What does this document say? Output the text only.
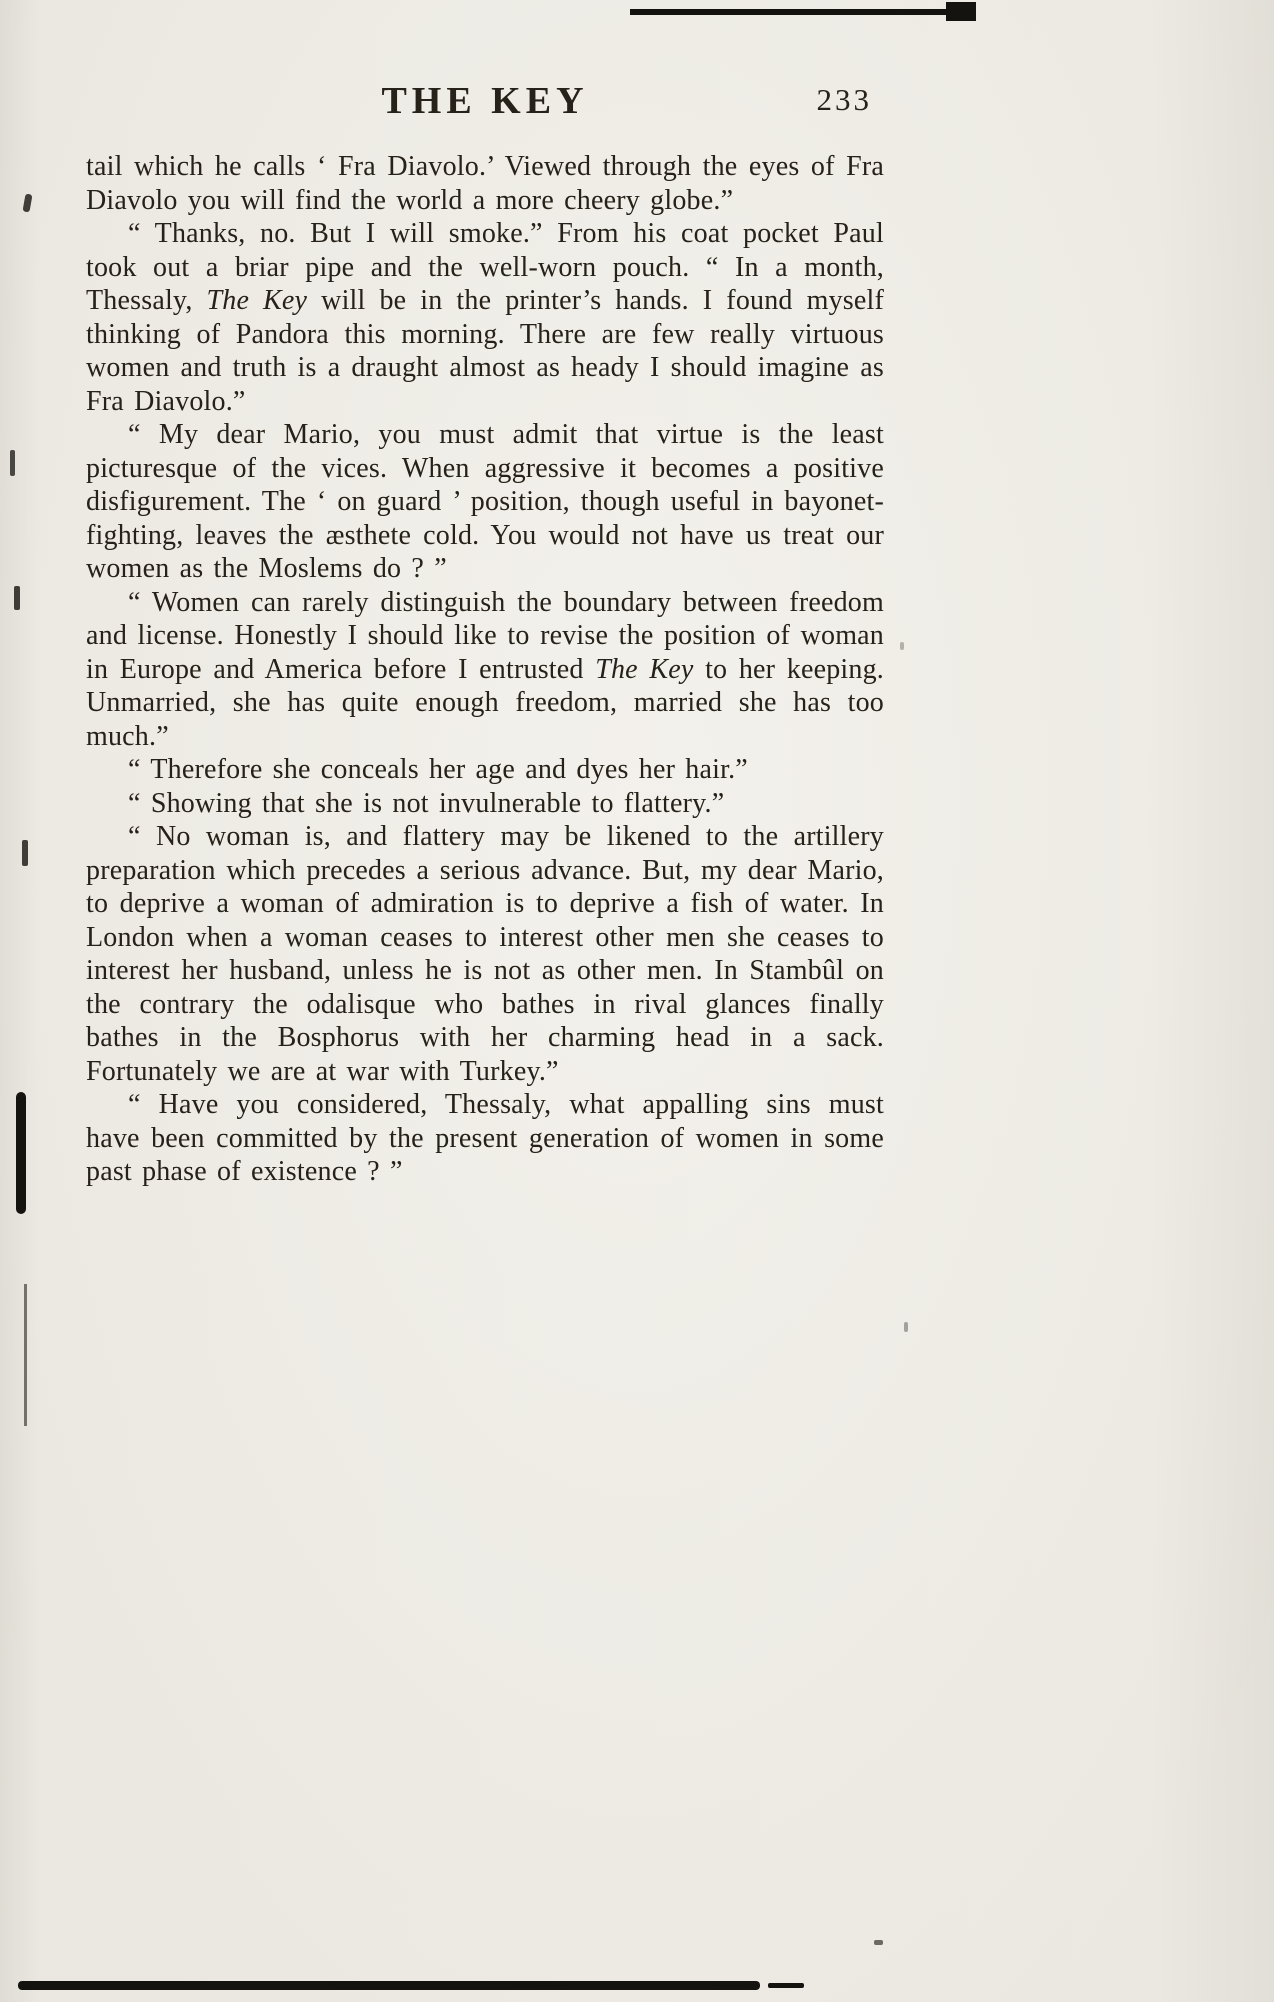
THE KEY	233

tail which he calls ‘ Fra Diavolo.’ Viewed through the eyes of Fra Diavolo you will find the world a more cheery globe.”

“ Thanks, no. But I will smoke.” From his coat pocket Paul took out a briar pipe and the well-worn pouch. “ In a month, Thessaly, The Key will be in the printer’s hands. I found myself thinking of Pandora this morning. There are few really virtuous women and truth is a draught almost as heady I should imagine as Fra Diavolo.”

“ My dear Mario, you must admit that virtue is the least picturesque of the vices. When aggressive it becomes a positive disfigurement. The ‘ on guard ’ position, though useful in bayonet-fighting, leaves the æsthete cold. You would not have us treat our women as the Moslems do ? ”

“ Women can rarely distinguish the boundary between freedom and license. Honestly I should like to revise the position of woman in Europe and America before I entrusted The Key to her keeping. Unmarried, she has quite enough freedom, married she has too much.”

“ Therefore she conceals her age and dyes her hair.”

“ Showing that she is not invulnerable to flattery.”

“ No woman is, and flattery may be likened to the artillery preparation which precedes a serious advance. But, my dear Mario, to deprive a woman of admiration is to deprive a fish of water. In London when a woman ceases to interest other men she ceases to interest her husband, unless he is not as other men. In Stambûl on the contrary the odalisque who bathes in rival glances finally bathes in the Bosphorus with her charming head in a sack. Fortunately we are at war with Turkey.”

“ Have you considered, Thessaly, what appalling sins must have been committed by the present generation of women in some past phase of existence ? ”
